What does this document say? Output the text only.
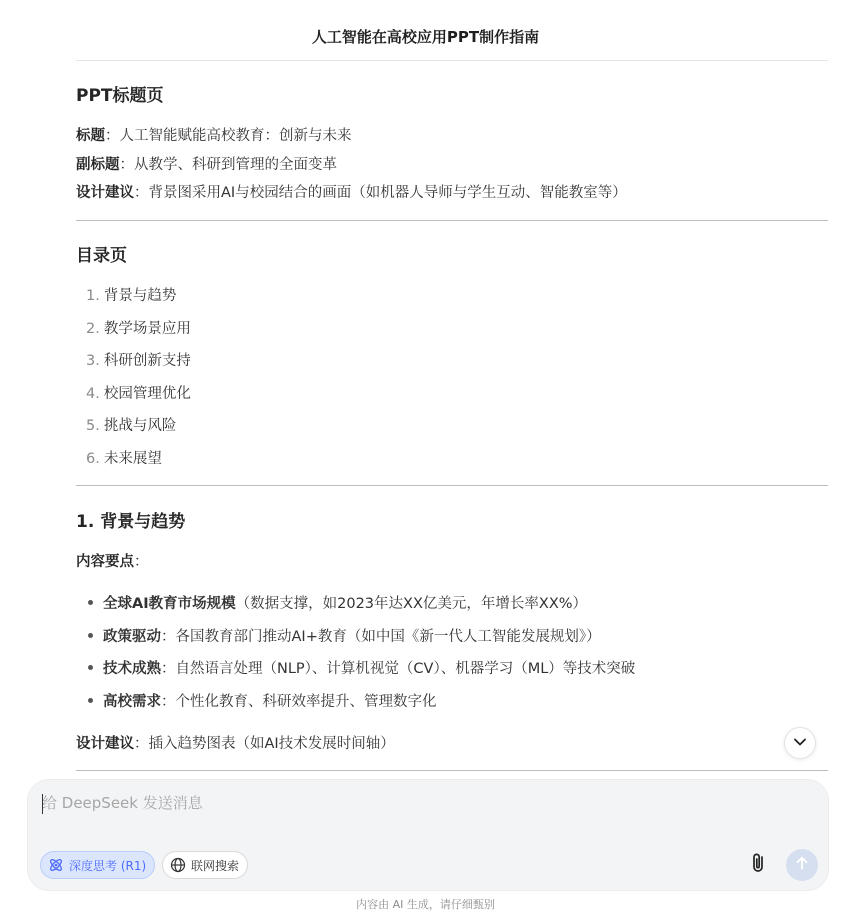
人工智能在高校应用PPT制作指南
PPT标题页
标题：人工智能赋能高校教育：创新与未来
副标题：从教学、科研到管理的全面变革
设计建议：背景图采用AI与校园结合的画面（如机器人导师与学生互动、智能教室等）
目录页
1. 背景与趋势
2. 教学场景应用
3. 科研创新支持
4. 校园管理优化
5. 挑战与风险
6. 未来展望
1. 背景与趋势
内容要点：
全球AI教育市场规模（数据支撑，如2023年达XX亿美元，年增长率XX%）
政策驱动：各国教育部门推动AI+教育（如中国《新一代人工智能发展规划》）
技术成熟：自然语言处理（NLP）、计算机视觉（CV）、机器学习（ML）等技术突破
高校需求：个性化教育、科研效率提升、管理数字化
设计建议：插入趋势图表（如AI技术发展时间轴）
给 DeepSeek 发送消息
深度思考 (R1)	联网搜索
内容由 AI 生成，请仔细甄别
